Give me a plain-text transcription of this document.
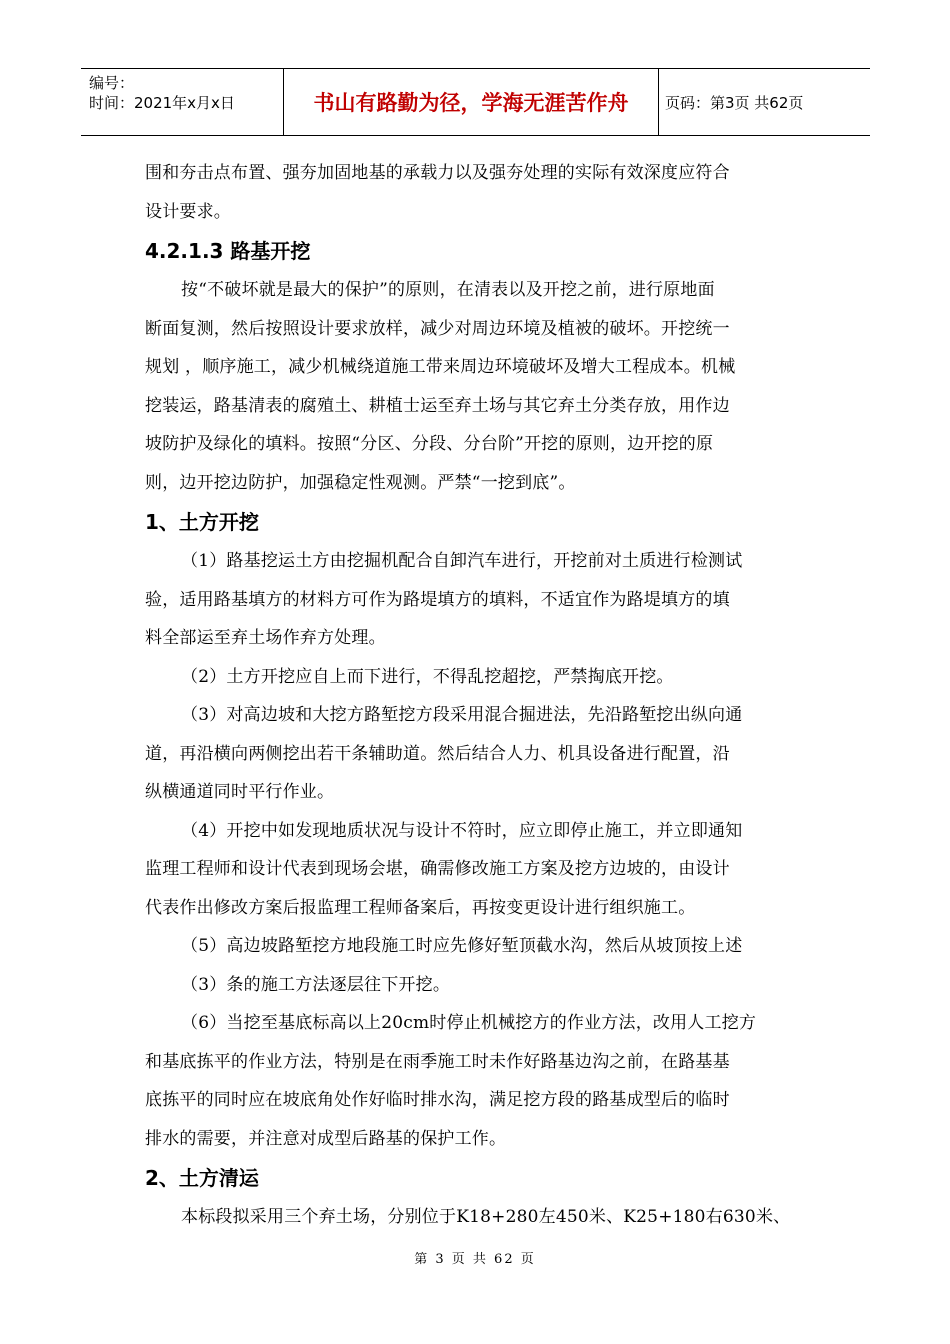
编号：
时间：2021年x月x日	书山有路勤为径，学海无涯苦作舟	页码：第3页 共62页
围和夯击点布置、强夯加固地基的承载力以及强夯处理的实际有效深度应符合
设计要求。
4.2.1.3 路基开挖
按“不破坏就是最大的保护”的原则，在清表以及开挖之前，进行原地面
断面复测，然后按照设计要求放样，减少对周边环境及植被的破坏。开挖统一
规划 ，顺序施工，减少机械绕道施工带来周边环境破坏及增大工程成本。机械
挖装运，路基清表的腐殖土、耕植士运至弃土场与其它弃土分类存放，用作边
坡防护及绿化的填料。按照“分区、分段、分台阶”开挖的原则，边开挖的原
则，边开挖边防护，加强稳定性观测。严禁“一挖到底”。
1、土方开挖
（1）路基挖运土方由挖掘机配合自卸汽车进行，开挖前对土质进行检测试
验，适用路基填方的材料方可作为路堤填方的填料，不适宜作为路堤填方的填
料全部运至弃土场作弃方处理。
（2）土方开挖应自上而下进行，不得乱挖超挖，严禁掏底开挖。
（3）对高边坡和大挖方路堑挖方段采用混合掘进法，先沿路堑挖出纵向通
道，再沿横向两侧挖出若干条辅助道。然后结合人力、机具设备进行配置，沿
纵横通道同时平行作业。
（4）开挖中如发现地质状况与设计不符时，应立即停止施工，并立即通知
监理工程师和设计代表到现场会堪，确需修改施工方案及挖方边坡的，由设计
代表作出修改方案后报监理工程师备案后，再按变更设计进行组织施工。
（5）高边坡路堑挖方地段施工时应先修好堑顶截水沟，然后从坡顶按上述
（3）条的施工方法逐层往下开挖。
（6）当挖至基底标高以上20cm时停止机械挖方的作业方法，改用人工挖方
和基底拣平的作业方法，特别是在雨季施工时未作好路基边沟之前，在路基基
底拣平的同时应在坡底角处作好临时排水沟，满足挖方段的路基成型后的临时
排水的需要，并注意对成型后路基的保护工作。
2、土方清运
本标段拟采用三个弃土场，分别位于K18+280左450米、K25+180右630米、
第 3 页 共 62 页
